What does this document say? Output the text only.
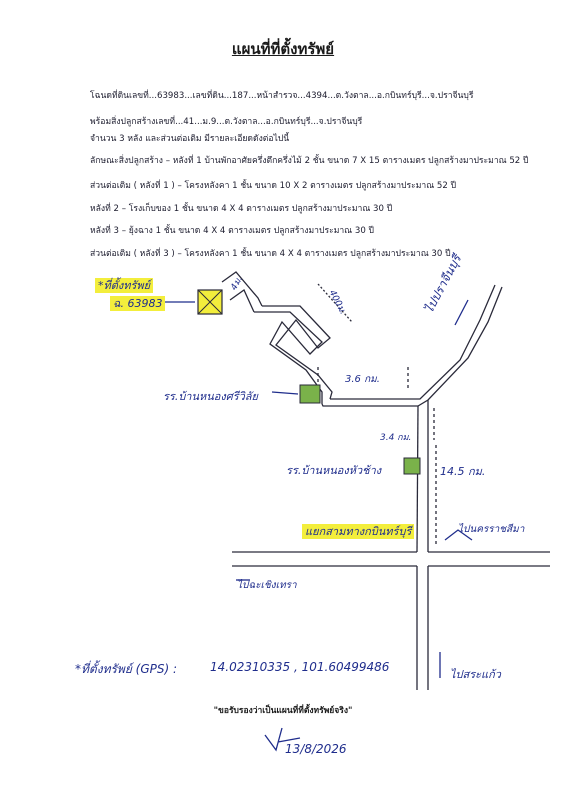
แผนที่ที่ตั้งทรัพย์
โฉนดที่ดินเลขที่...63983...เลขที่ดิน...187...หน้าสำรวจ...4394...ต.วังตาล...อ.กบินทร์บุรี...จ.ปราจีนบุรี
พร้อมสิ่งปลูกสร้างเลขที่...41...ม.9...ต.วังตาล...อ.กบินทร์บุรี...จ.ปราจีนบุรี
จำนวน 3 หลัง และส่วนต่อเติม มีรายละเอียดดังต่อไปนี้
ลักษณะสิ่งปลูกสร้าง – หลังที่ 1 บ้านพักอาศัยครึ่งตึกครึ่งไม้ 2 ชั้น ขนาด 7 X 15 ตารางเมตร ปลูกสร้างมาประมาณ 52 ปี
ส่วนต่อเติม ( หลังที่ 1 ) – โครงหลังคา 1 ชั้น ขนาด 10 X 2 ตารางเมตร ปลูกสร้างมาประมาณ 52 ปี
หลังที่ 2 – โรงเก็บของ 1 ชั้น ขนาด 4 X 4 ตารางเมตร ปลูกสร้างมาประมาณ 30 ปี
หลังที่ 3 – ยุ้งฉาง 1 ชั้น ขนาด 4 X 4 ตารางเมตร ปลูกสร้างมาประมาณ 30 ปี
ส่วนต่อเติม ( หลังที่ 3 ) – โครงหลังคา 1 ชั้น ขนาด 4 X 4 ตารางเมตร ปลูกสร้างมาประมาณ 30 ปี
*ที่ตั้งทรัพย์
ฉ. 63983
4ม.
400ม.	ไปปราจีนบุรี
3.6 กม.
รร.บ้านหนองศรีวิลัย
3.4 กม.
รร.บ้านหนองหัวช้าง	14.5 กม.
แยกสามทางกบินทร์บุรี	ไปนครราชสีมา
ไปฉะเชิงเทรา
ไปสระแก้ว
*ที่ตั้งทรัพย์ (GPS) :	14.02310335 , 101.60499486
"ขอรับรองว่าเป็นแผนที่ที่ตั้งทรัพย์จริง"
13/8/2026
